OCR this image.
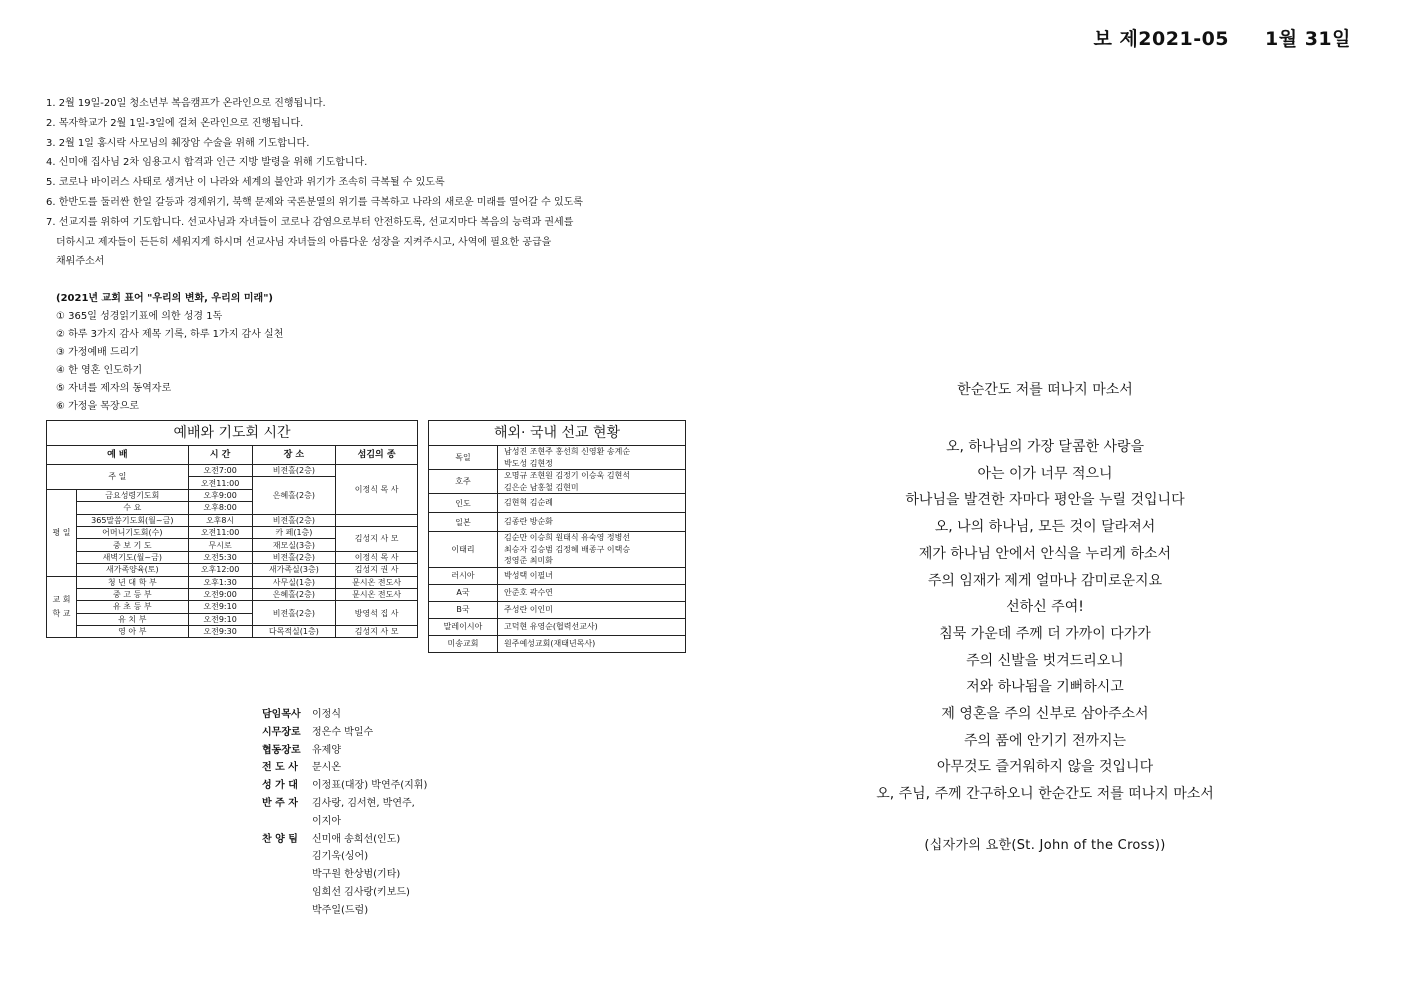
보 제2021-05 1월 31일

1. 2월 19일-20일 청소년부 복음캠프가 온라인으로 진행됩니다.

2. 목자학교가 2월 1일-3일에 걸쳐 온라인으로 진행됩니다.

3. 2월 1일 홍시락 사모님의 췌장암 수술을 위해 기도합니다.

4. 신미애 집사님 2차 임용고시 합격과 인근 지방 발령을 위해 기도합니다.

5. 코로나 바이러스 사태로 생겨난 이 나라와 세계의 불안과 위기가 조속히 극복될 수 있도록

6. 한반도를 둘러싼 한일 갈등과 경제위기, 북핵 문제와 국론분열의 위기를 극복하고 나라의 새로운 미래를 열어갈 수 있도록

7. 선교지를 위하여 기도합니다. 선교사님과 자녀들이 코로나 감염으로부터 안전하도록, 선교지마다 복음의 능력과 권세를

더하시고 제자들이 든든히 세워지게 하시며 선교사님 자녀들의 아름다운 성장을 지켜주시고, 사역에 필요한 공급을

채워주소서

(2021년 교회 표어 "우리의 변화, 우리의 미래")

① 365일 성경읽기표에 의한 성경 1독

② 하루 3가지 감사 제목 기록, 하루 1가지 감사 실천

③ 가정예배 드리기

④ 한 영혼 인도하기

⑤ 자녀를 제자의 동역자로

⑥ 가정을 목장으로

예배와 기도회 시간				
예 배		시 간	장 소	섬김의 종
주 일		오전7:00	비전홀(2층)	이정식 목 사
		오전11:00	은혜홀(2층)	
평 일	금요성령기도회	오후9:00		
	수 요	오후8:00		
	365말씀기도회(월~금)	오후8시	비전홀(2층)	
	어머니기도회(수)	오전11:00	카 페(1층)	김성지 사 모
	중 보 기 도	무시로	재모실(3층)	
	새벽기도(월~금)	오전5:30	비전홀(2층)	이정식 목 사
	새가족양육(토)	오후12:00	새가족실(3층)	김성지 권 사
교 회 학 교	청 년 대 학 부	오후1:30	사무실(1층)	문시온 전도사
	중 고 등 부	오전9:00	은혜홀(2층)	문시온 전도사
	유 초 등 부	오전9:10	비전홀(2층)	방영석 집 사
	유 치 부	오전9:10		
	영 아 부	오전9:30	다목적실(1층)	김성지 사 모
해외· 국내 선교 현황	
독일	남성진 조현주 홍선희 신영환 송계순
박도성 김현정

호주	오명규 조현원 김정기 이승욱 김현석
김은순 남홍철 김현미

인도	김현혁 김순례
일본	김종란 방순화
이태리	김순만 이승희 원태식 유숙영 정병선
최승자 김승범 김정혜 배종구 이택승
정영준 최미화

러시아	박성택 이필녀
A국	안준호 곽수연
B국	주성란 이인미
말레이시아	고덕현 유영순(협력선교사)
미송교회	원주예성교회(재태년목사)
담임목사	이정식
시무장로	정은수 박일수
협동장로	유제양
전 도 사	문시온
성 가 대	이정표(대장) 박연주(지휘)
반 주 자	김사랑, 김서현, 박연주,
이지아
찬 양 팀	신미애 송희선(인도)
김기욱(싱어)
박구원 한상범(기타)
임희선 김사랑(키보드)
박주일(드럼)

한순간도 저를 떠나지 마소서

오, 하나님의 가장 달콤한 사랑을

아는 이가 너무 적으니

하나님을 발견한 자마다 평안을 누릴 것입니다

오, 나의 하나님, 모든 것이 달라져서

제가 하나님 안에서 안식을 누리게 하소서

주의 임재가 제게 얼마나 감미로운지요

선하신 주여!

침묵 가운데 주께 더 가까이 다가가

주의 신발을 벗겨드리오니

저와 하나됨을 기뻐하시고

제 영혼을 주의 신부로 삼아주소서

주의 품에 안기기 전까지는

아무것도 즐거워하지 않을 것입니다

오, 주님, 주께 간구하오니 한순간도 저를 떠나지 마소서

(십자가의 요한(St. John of the Cross))
